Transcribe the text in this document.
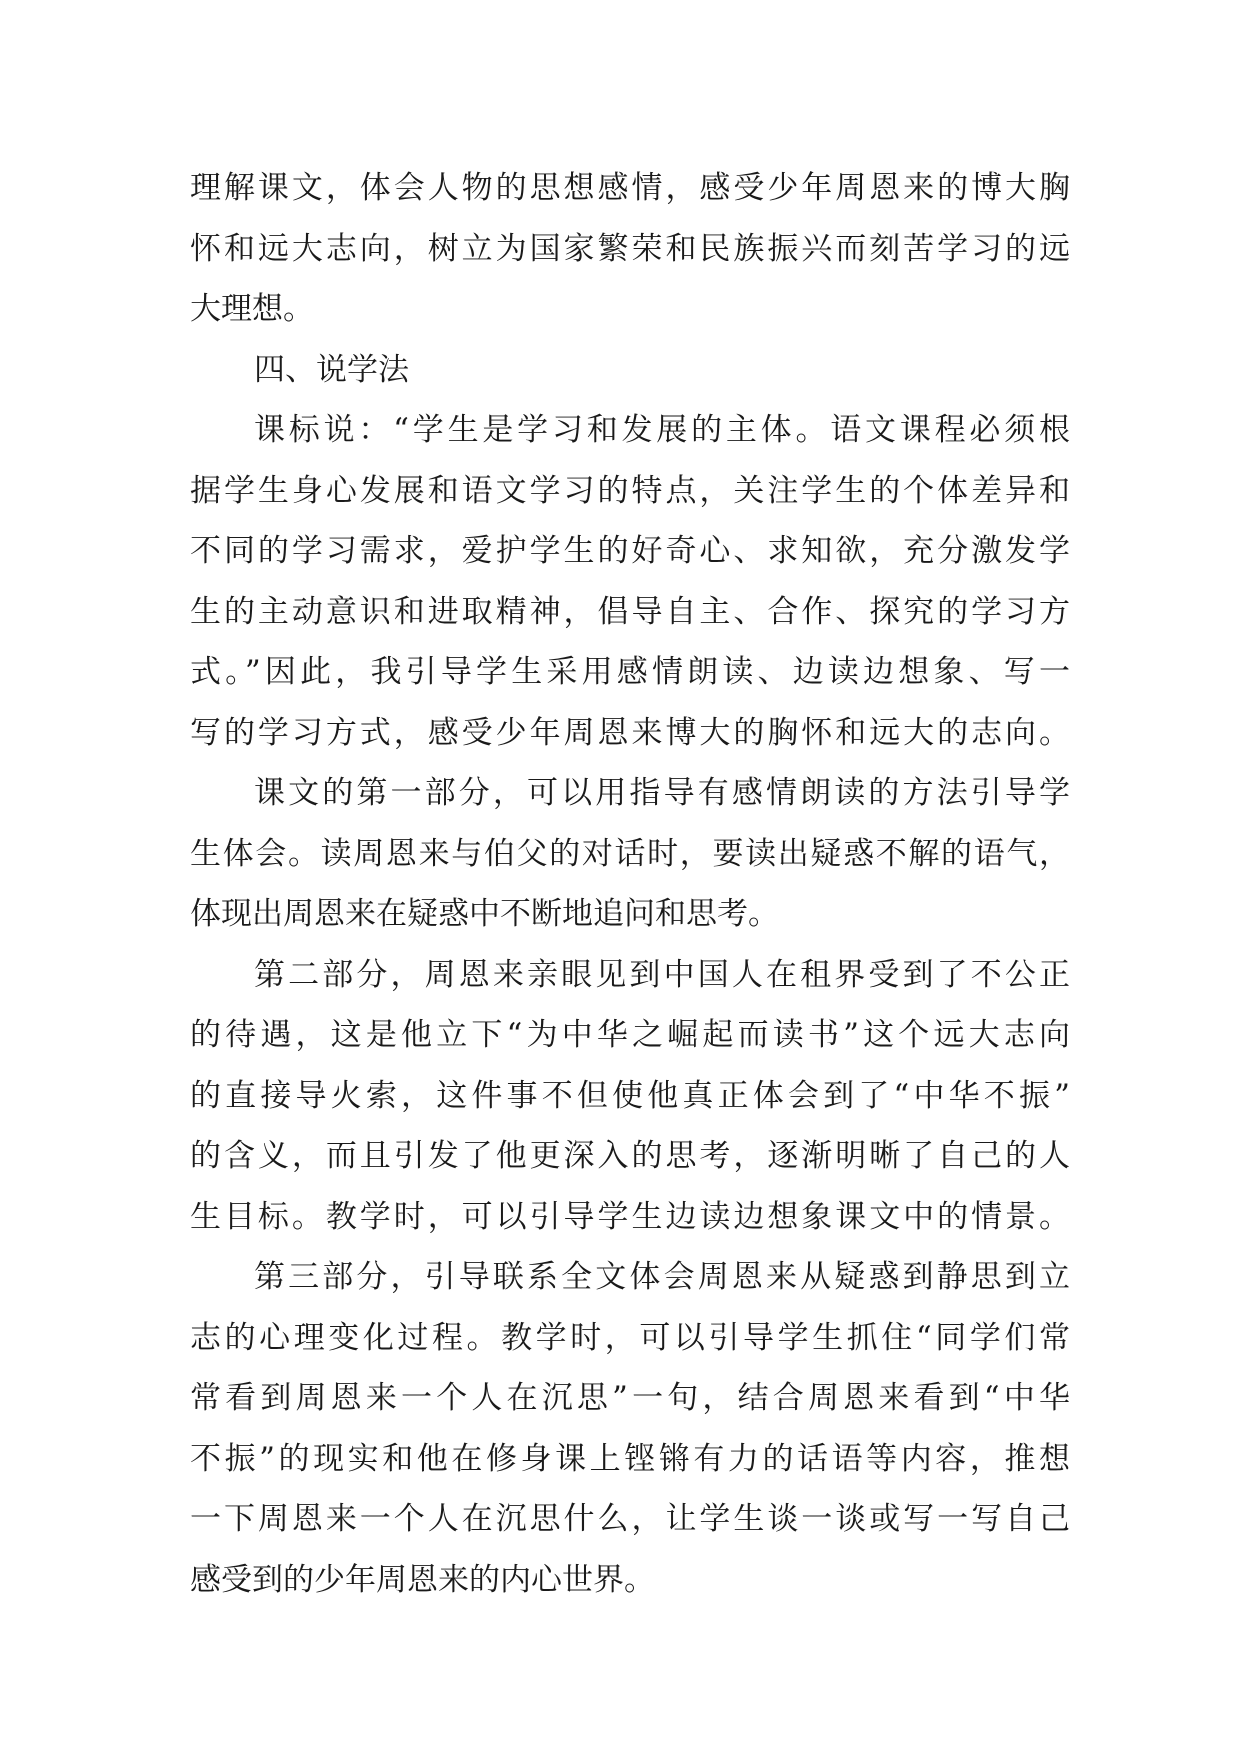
理解课文，体会人物的思想感情，感受少年周恩来的博大胸
怀和远大志向，树立为国家繁荣和民族振兴而刻苦学习的远
大理想。
四、说学法
课标说：“学生是学习和发展的主体。语文课程必须根
据学生身心发展和语文学习的特点，关注学生的个体差异和
不同的学习需求，爱护学生的好奇心、求知欲，充分激发学
生的主动意识和进取精神，倡导自主、合作、探究的学习方
式。”因此，我引导学生采用感情朗读、边读边想象、写一
写的学习方式，感受少年周恩来博大的胸怀和远大的志向。
课文的第一部分，可以用指导有感情朗读的方法引导学
生体会。读周恩来与伯父的对话时，要读出疑惑不解的语气，
体现出周恩来在疑惑中不断地追问和思考。
第二部分，周恩来亲眼见到中国人在租界受到了不公正
的待遇，这是他立下“为中华之崛起而读书”这个远大志向
的直接导火索，这件事不但使他真正体会到了“中华不振”
的含义，而且引发了他更深入的思考，逐渐明晰了自己的人
生目标。教学时，可以引导学生边读边想象课文中的情景。
第三部分，引导联系全文体会周恩来从疑惑到静思到立
志的心理变化过程。教学时，可以引导学生抓住“同学们常
常看到周恩来一个人在沉思”一句，结合周恩来看到“中华
不振”的现实和他在修身课上铿锵有力的话语等内容，推想
一下周恩来一个人在沉思什么，让学生谈一谈或写一写自己
感受到的少年周恩来的内心世界。
